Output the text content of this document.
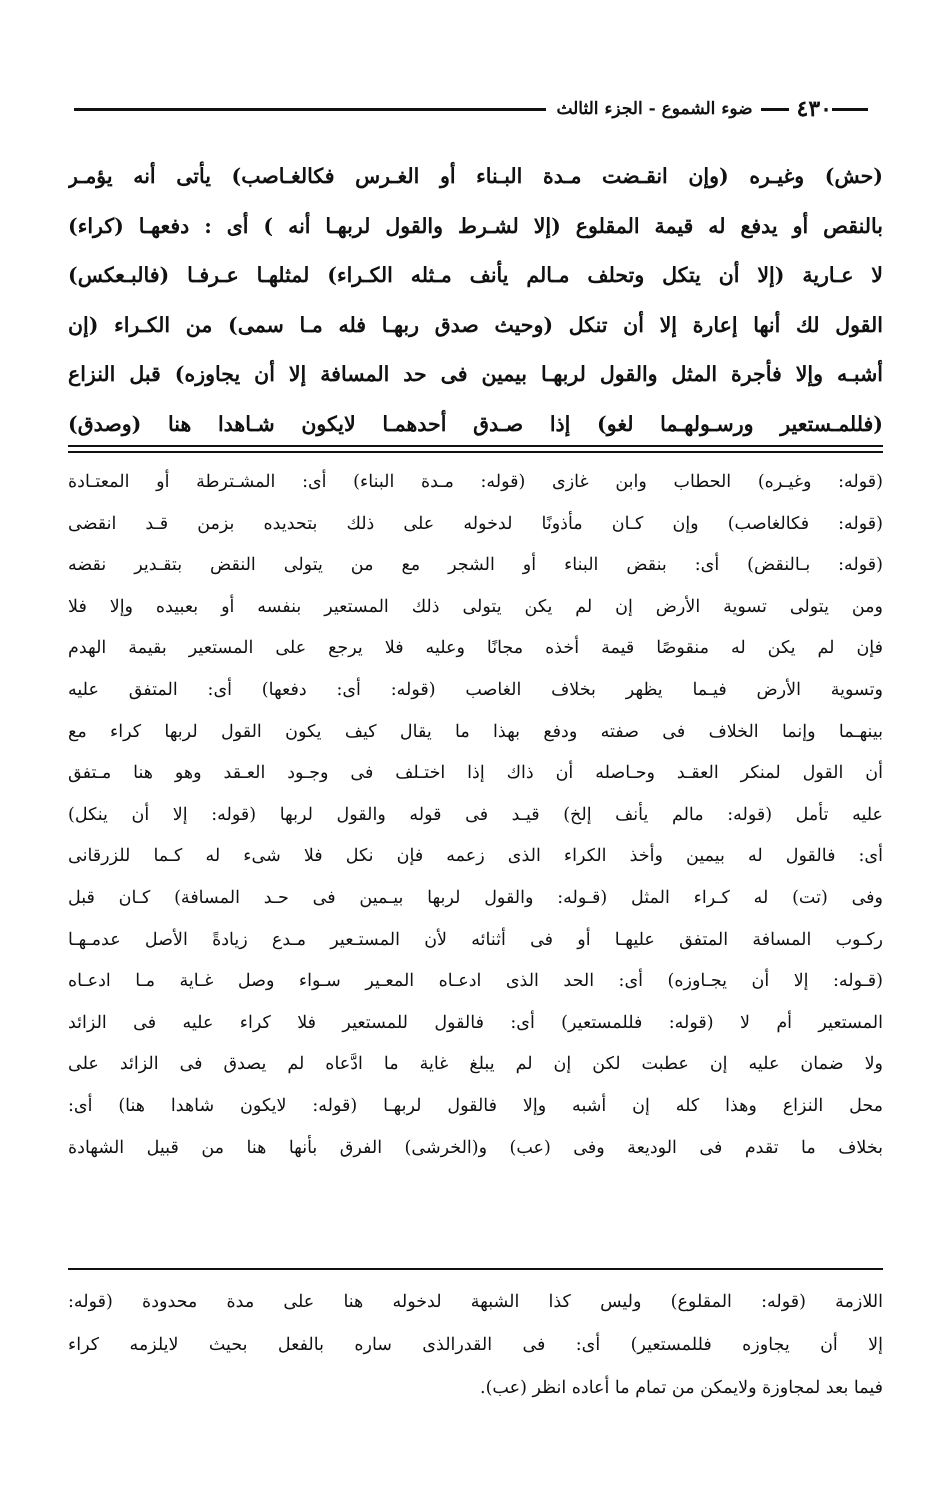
٤٣٠
ضوء الشموع - الجزء الثالث
(حش) وغيـره (وإن انقـضت مـدة البـناء أو الغـرس فكالغـاصب) يأتى أنه يؤمـر
بالنقص أو يدفع له قيمة المقلوع (إلا لشـرط والقول لربهـا أنه ) أى : دفعهـا (كراء)
لا عـارية (إلا أن يتكل وتحلف مـالم يأنف مـثله الكـراء) لمثلهـا عـرفـا (فالبـعكس)
القول لك أنها إعارة إلا أن تنكل (وحيث صدق ربهـا فله مـا سمى) من الكـراء (إن
أشبـه وإلا فأجرة المثل والقول لربهـا بيمين فى حد المسافة إلا أن يجاوزه) قبل النزاع
(فللمـستعير ورسـولهـما لغو) إذا صـدق أحدهمـا لايكون شـاهدا هنا (وصدق)
(قوله: وغيـره) الحطاب وابن غازى (قوله: مـدة البناء) أى: المشـترطة أو المعتـادة
(قوله: فكالغاصب) وإن كـان مأذونًا لدخوله على ذلك بتحديده بزمن قـد انقضى
(قوله: بـالنقض) أى: بنقض البناء أو الشجر مع من يتولى النقض بتقـدير نقضه
ومن يتولى تسوية الأرض إن لم يكن يتولى ذلك المستعير بنفسه أو بعبيده وإلا فلا
فإن لم يكن له منقوصًا قيمة أخذه مجانًا وعليه فلا يرجع على المستعير بقيمة الهدم
وتسوية الأرض فيـما يظهر بخلاف الغاصب (قوله: أى: دفعها) أى: المتفق عليه
بينهـما وإنما الخلاف فى صفته ودفع بهذا ما يقال كيف يكون القول لربها كراء مع
أن القول لمنكر العقـد وحـاصله أن ذاك إذا اختـلف فى وجـود العـقد وهو هنا مـتفق
عليه تأمل (قوله: مالم يأنف إلخ) قيـد فى قوله والقول لربها (قوله: إلا أن ينكل)
أى: فالقول له بيمين وأخذ الكراء الذى زعمه فإن نكل فلا شىء له كـما للزرقانى
وفى (تت) له كـراء المثل (قـوله: والقول لربها بيـمين فى حـد المسافة) كـان قبل
ركـوب المسافة المتفق عليهـا أو فى أثنائه لأن المستـعير مـدع زيادةً الأصل عدمـهـا
(قـوله: إلا أن يجـاوزه) أى: الحد الذى ادعـاه المعـير سـواء وصل غـاية مـا ادعـاه
المستعير أم لا (قوله: فللمستعير) أى: فالقول للمستعير فلا كراء عليه فى الزائد
ولا ضمان عليه إن عطبت لكن إن لم يبلغ غاية ما ادَّعاه لم يصدق فى الزائد على
محل النزاع وهذا كله إن أشبه وإلا فالقول لربهـا (قوله: لايكون شاهدا هنا) أى:
بخلاف ما تقدم فى الوديعة وفى (عب) و(الخرشى) الفرق بأنها هنا من قبيل الشهادة
اللازمة (قوله: المقلوع) وليس كذا الشبهة لدخوله هنا على مدة محدودة (قوله:
إلا أن يجاوزه فللمستعير) أى: فى القدرالذى ساره بالفعل بحيث لايلزمه كراء
فيما بعد لمجاوزة ولايمكن من تمام ما أعاده انظر (عب).
